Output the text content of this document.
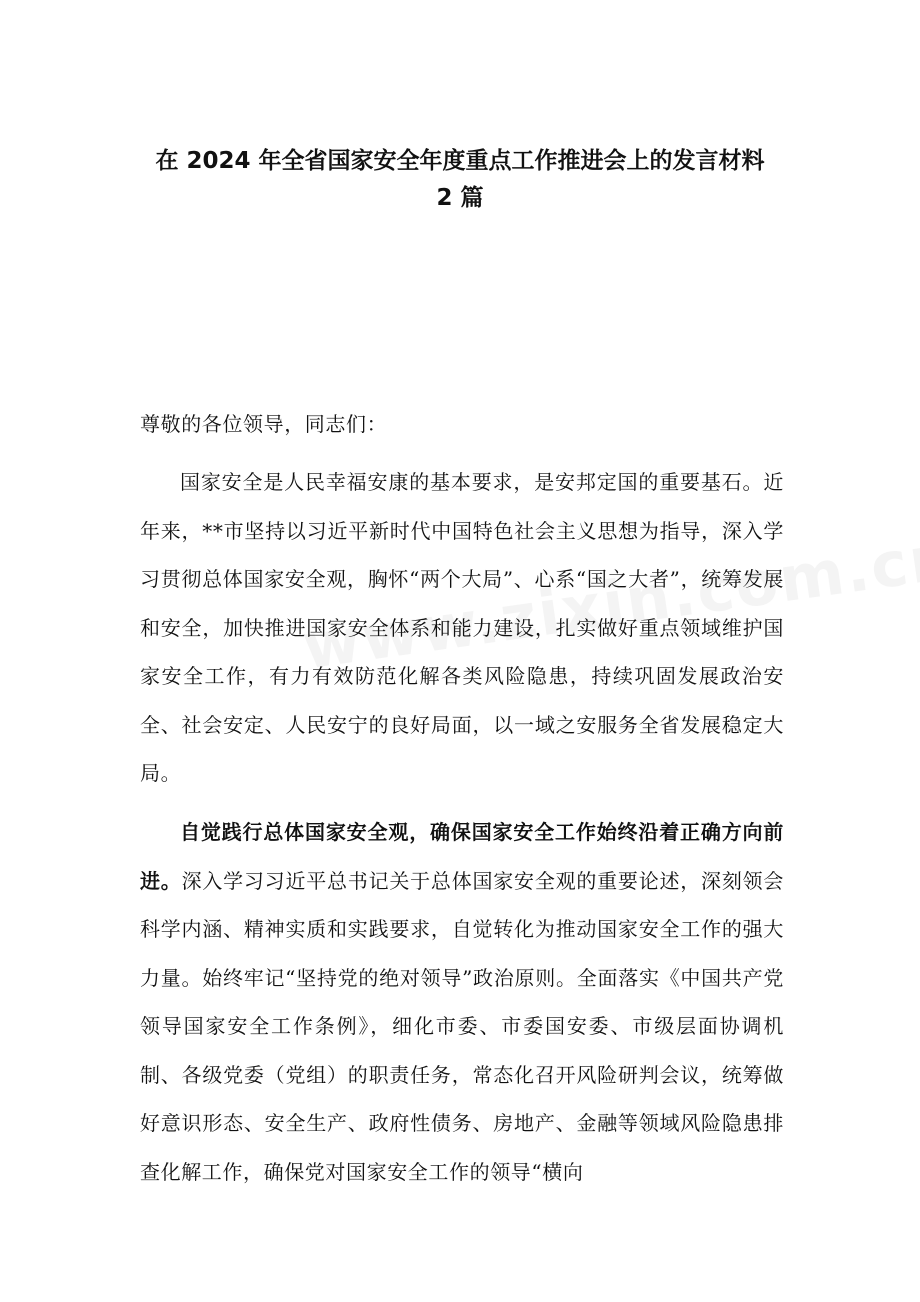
在 2024 年全省国家安全年度重点工作推进会上的发言材料
2 篇

尊敬的各位领导，同志们：

国家安全是人民幸福安康的基本要求，是安邦定国的重要基石。近年来，**市坚持以习近平新时代中国特色社会主义思想为指导，深入学习贯彻总体国家安全观，胸怀“两个大局”、心系“国之大者”，统筹发展和安全，加快推进国家安全体系和能力建设，扎实做好重点领域维护国家安全工作，有力有效防范化解各类风险隐患，持续巩固发展政治安全、社会安定、人民安宁的良好局面，以一域之安服务全省发展稳定大局。

自觉践行总体国家安全观，确保国家安全工作始终沿着正确方向前进。深入学习习近平总书记关于总体国家安全观的重要论述，深刻领会科学内涵、精神实质和实践要求，自觉转化为推动国家安全工作的强大力量。始终牢记“坚持党的绝对领导”政治原则。全面落实《中国共产党领导国家安全工作条例》，细化市委、市委国安委、市级层面协调机制、各级党委（党组）的职责任务，常态化召开风险研判会议，统筹做好意识形态、安全生产、政府性债务、房地产、金融等领域风险隐患排查化解工作，确保党对国家安全工作的领导“横向
